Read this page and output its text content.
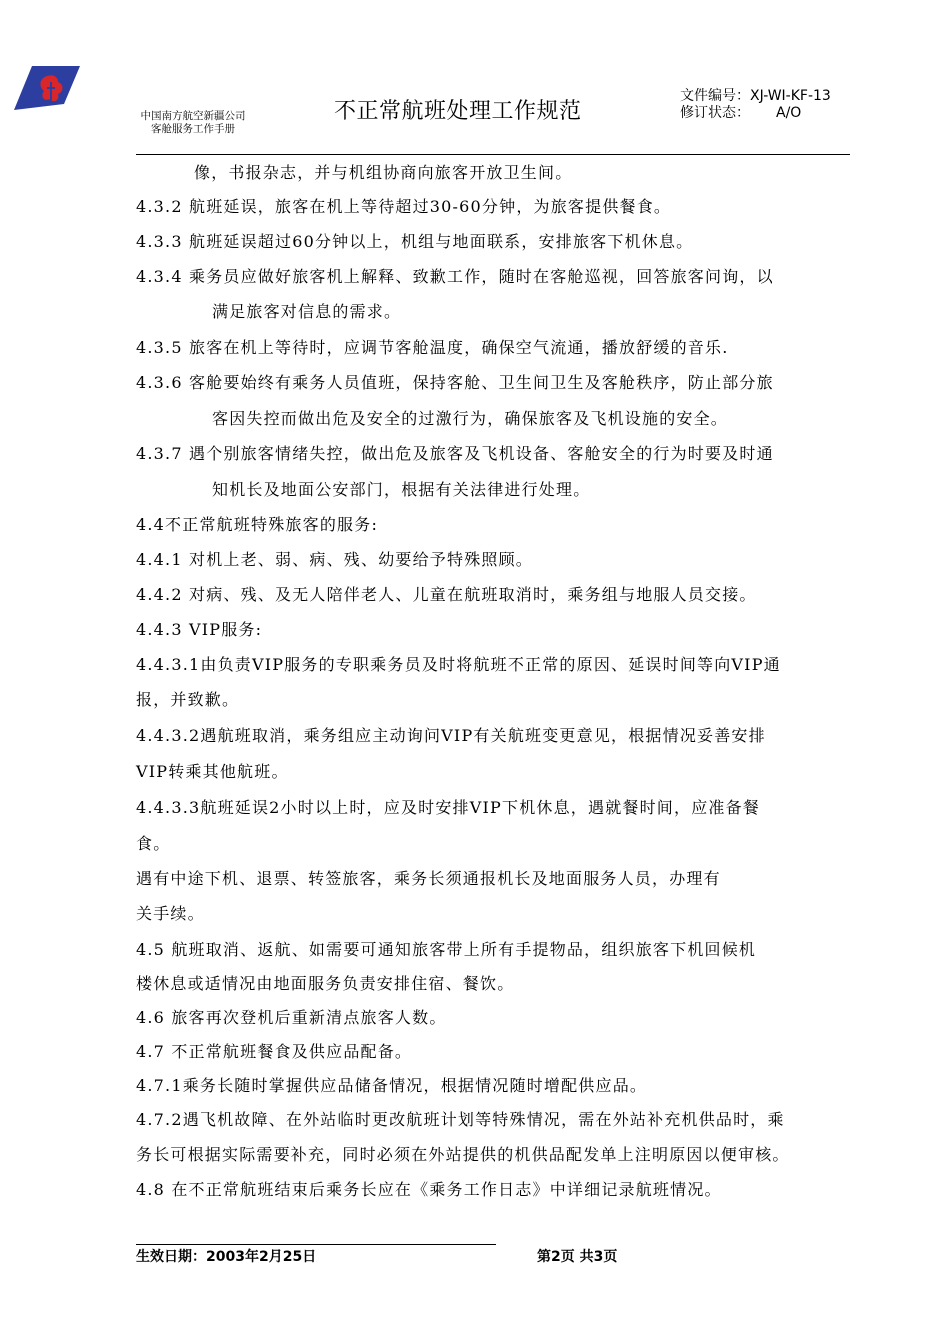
中国南方航空新疆公司
客舱服务工作手册
不正常航班处理工作规范
文件编号：XJ-WI-KF-13
修订状态： A/O
像，书报杂志，并与机组协商向旅客开放卫生间。
4.3.2 航班延误，旅客在机上等待超过30-60分钟，为旅客提供餐食。
4.3.3 航班延误超过60分钟以上，机组与地面联系，安排旅客下机休息。
4.3.4 乘务员应做好旅客机上解释、致歉工作，随时在客舱巡视，回答旅客问询，以
满足旅客对信息的需求。
4.3.5 旅客在机上等待时，应调节客舱温度，确保空气流通，播放舒缓的音乐.
4.3.6 客舱要始终有乘务人员值班，保持客舱、卫生间卫生及客舱秩序，防止部分旅
客因失控而做出危及安全的过激行为，确保旅客及飞机设施的安全。
4.3.7 遇个别旅客情绪失控，做出危及旅客及飞机设备、客舱安全的行为时要及时通
知机长及地面公安部门，根据有关法律进行处理。
4.4不正常航班特殊旅客的服务:
4.4.1 对机上老、弱、病、残、幼要给予特殊照顾。
4.4.2 对病、残、及无人陪伴老人、儿童在航班取消时，乘务组与地服人员交接。
4.4.3 VIP服务:
4.4.3.1由负责VIP服务的专职乘务员及时将航班不正常的原因、延误时间等向VIP通
报，并致歉。
4.4.3.2遇航班取消，乘务组应主动询问VIP有关航班变更意见，根据情况妥善安排
VIP转乘其他航班。
4.4.3.3航班延误2小时以上时，应及时安排VIP下机休息，遇就餐时间，应准备餐
食。
遇有中途下机、退票、转签旅客，乘务长须通报机长及地面服务人员，办理有
关手续。
4.5 航班取消、返航、如需要可通知旅客带上所有手提物品，组织旅客下机回候机
楼休息或适情况由地面服务负责安排住宿、餐饮。
4.6 旅客再次登机后重新清点旅客人数。
4.7 不正常航班餐食及供应品配备。
4.7.1乘务长随时掌握供应品储备情况，根据情况随时增配供应品。
4.7.2遇飞机故障、在外站临时更改航班计划等特殊情况，需在外站补充机供品时，乘
务长可根据实际需要补充，同时必须在外站提供的机供品配发单上注明原因以便审核。
4.8 在不正常航班结束后乘务长应在《乘务工作日志》中详细记录航班情况。
生效日期：2003年2月25日	第2页 共3页
